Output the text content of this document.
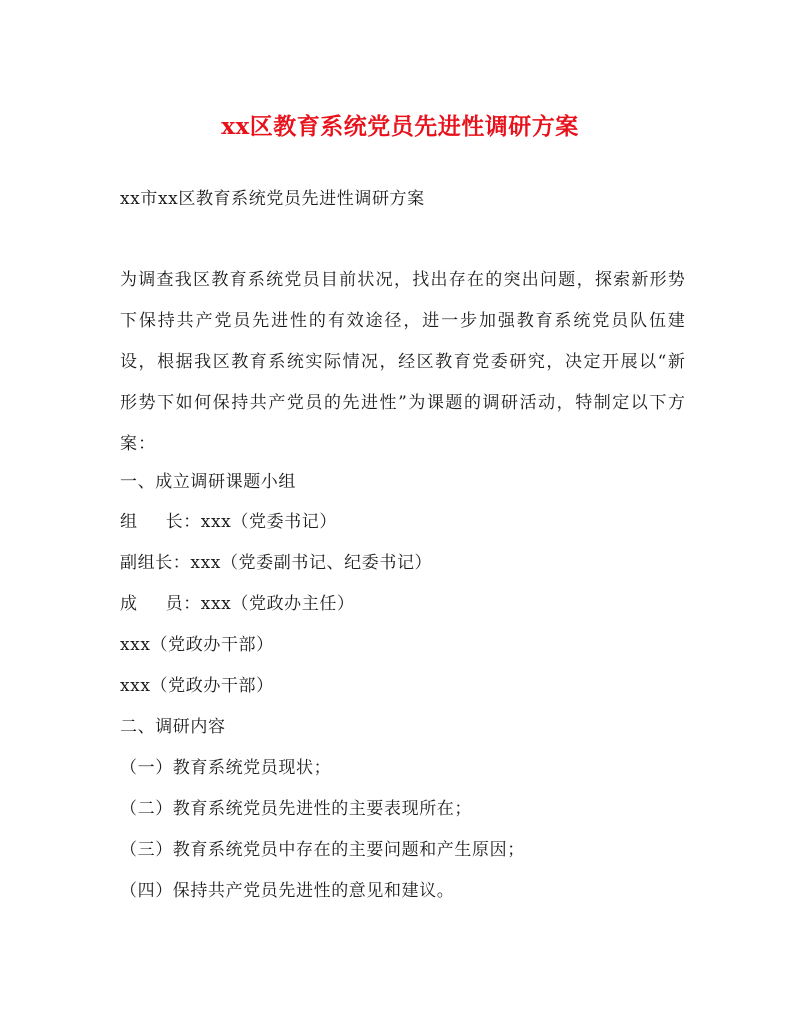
xx区教育系统党员先进性调研方案
xx市xx区教育系统党员先进性调研方案
为调查我区教育系统党员目前状况，找出存在的突出问题，探索新形势下保持共产党员先进性的有效途径，进一步加强教育系统党员队伍建设，根据我区教育系统实际情况，经区教育党委研究，决定开展以“新形势下如何保持共产党员的先进性”为课题的调研活动，特制定以下方案：
一、成立调研课题小组
组 长：xxx（党委书记）
副组长：xxx（党委副书记、纪委书记）
成 员：xxx（党政办主任）
xxx（党政办干部）
xxx（党政办干部）
二、调研内容
（一）教育系统党员现状；
（二）教育系统党员先进性的主要表现所在；
（三）教育系统党员中存在的主要问题和产生原因；
（四）保持共产党员先进性的意见和建议。
